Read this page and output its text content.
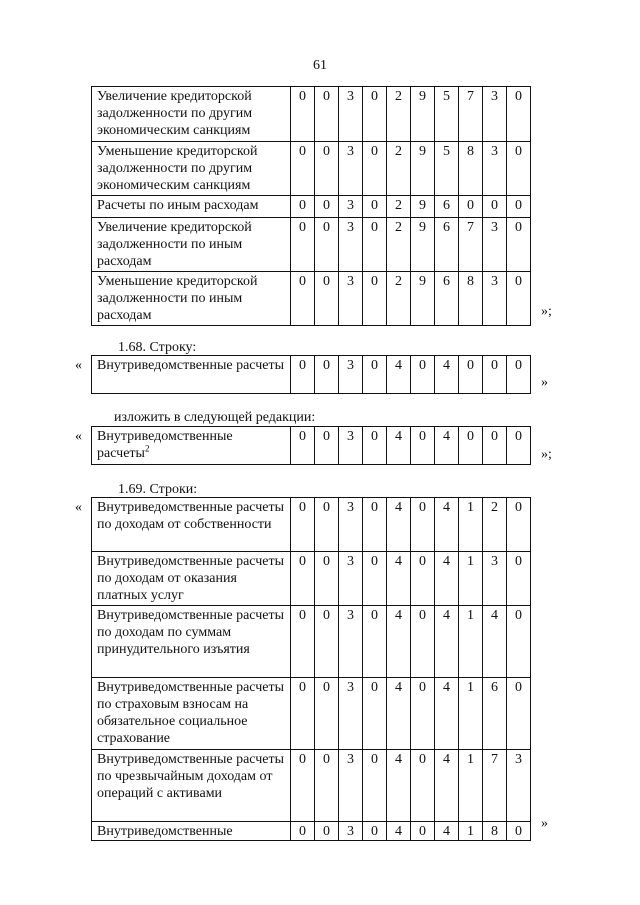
61
Увеличение кредиторской задолженности по другим экономическим санкциям	0	0	3	0	2	9	5	7	3	0
Уменьшение кредиторской задолженности по другим экономическим санкциям	0	0	3	0	2	9	5	8	3	0
Расчеты по иным расходам	0	0	3	0	2	9	6	0	0	0
Увеличение кредиторской задолженности по иным расходам	0	0	3	0	2	9	6	7	3	0
Уменьшение кредиторской задолженности по иным расходам	0	0	3	0	2	9	6	8	3	0
»;
1.68. Строку:
« Внутриведомственные расчеты	0	0	3	0	4	0	4	0	0	0
»
изложить в следующей редакции:
« Внутриведомственные расчеты$^2$	0	0	3	0	4	0	4	0	0	0
»;
1.69. Строки:
« Внутриведомственные расчеты по доходам от собственности	0	0	3	0	4	0	4	1	2	0
Внутриведомственные расчеты по доходам от оказания платных услуг	0	0	3	0	4	0	4	1	3	0
Внутриведомственные расчеты по доходам по суммам принудительного изъятия	0	0	3	0	4	0	4	1	4	0
Внутриведомственные расчеты по страховым взносам на обязательное социальное страхование	0	0	3	0	4	0	4	1	6	0
Внутриведомственные расчеты по чрезвычайным доходам от операций с активами	0	0	3	0	4	0	4	1	7	3
Внутриведомственные	0	0	3	0	4	0	4	1	8	0
»
